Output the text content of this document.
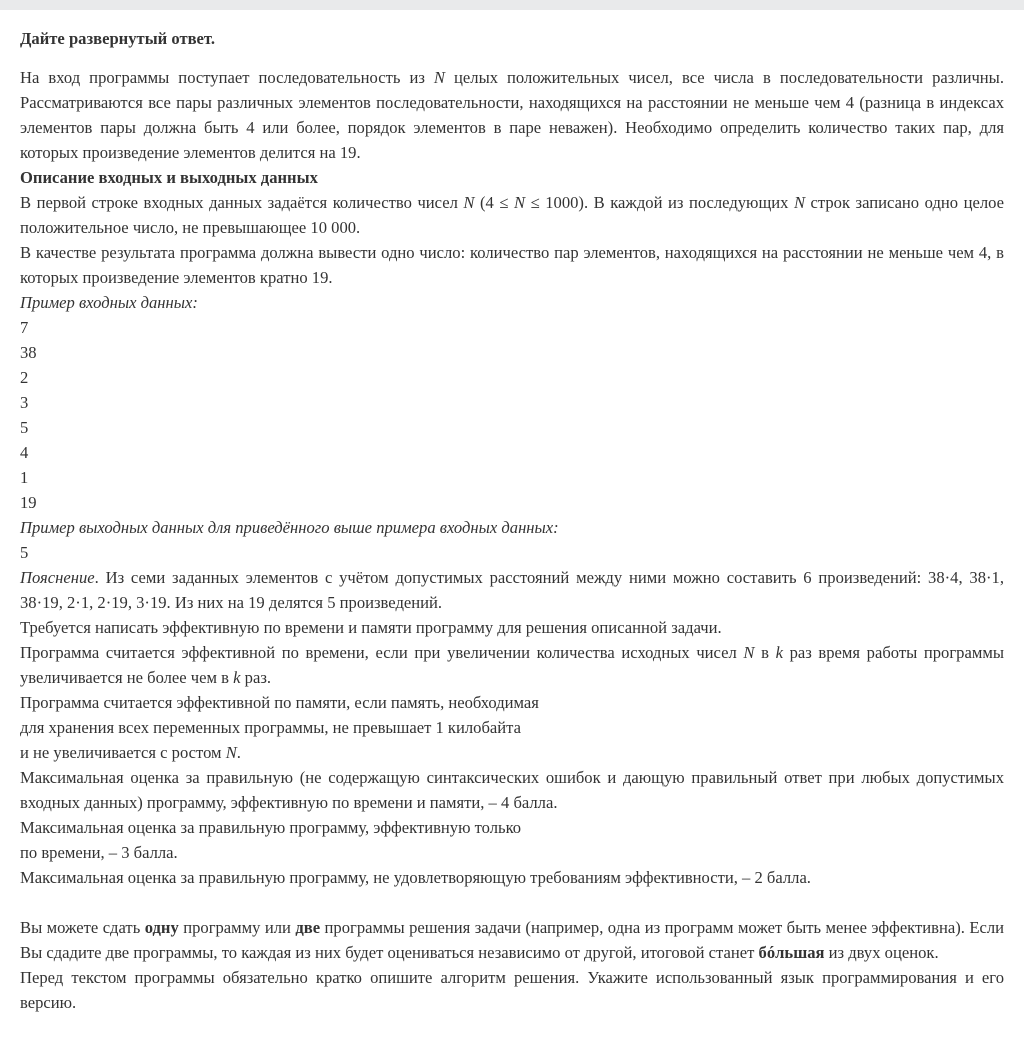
Дайте развернутый ответ.
На вход программы поступает последовательность из N целых положительных чисел, все числа в последовательности различны. Рассматриваются все пары различных элементов последовательности, находящихся на расстоянии не меньше чем 4 (разница в индексах элементов пары должна быть 4 или более, порядок элементов в паре неважен). Необходимо определить количество таких пар, для которых произведение элементов делится на 19.
Описание входных и выходных данных
В первой строке входных данных задаётся количество чисел N (4 ≤ N ≤ 1000). В каждой из последующих N строк записано одно целое положительное число, не превышающее 10 000.
В качестве результата программа должна вывести одно число: количество пар элементов, находящихся на расстоянии не меньше чем 4, в которых произведение элементов кратно 19.
Пример входных данных:
7
38
2
3
5
4
1
19
Пример выходных данных для приведённого выше примера входных данных:
5
Пояснение. Из семи заданных элементов с учётом допустимых расстояний между ними можно составить 6 произведений: 38·4, 38·1, 38·19, 2·1, 2·19, 3·19. Из них на 19 делятся 5 произведений.
Требуется написать эффективную по времени и памяти программу для решения описанной задачи.
Программа считается эффективной по времени, если при увеличении количества исходных чисел N в k раз время работы программы увеличивается не более чем в k раз.
Программа считается эффективной по памяти, если память, необходимая
для хранения всех переменных программы, не превышает 1 килобайта
и не увеличивается с ростом N.
Максимальная оценка за правильную (не содержащую синтаксических ошибок и дающую правильный ответ при любых допустимых входных данных) программу, эффективную по времени и памяти, – 4 балла.
Максимальная оценка за правильную программу, эффективную только
по времени, – 3 балла.
Максимальная оценка за правильную программу, не удовлетворяющую требованиям эффективности, – 2 балла.
Вы можете сдать одну программу или две программы решения задачи (например, одна из программ может быть менее эффективна). Если Вы сдадите две программы, то каждая из них будет оцениваться независимо от другой, итоговой станет бóльшая из двух оценок.
Перед текстом программы обязательно кратко опишите алгоритм решения. Укажите использованный язык программирования и его версию.
